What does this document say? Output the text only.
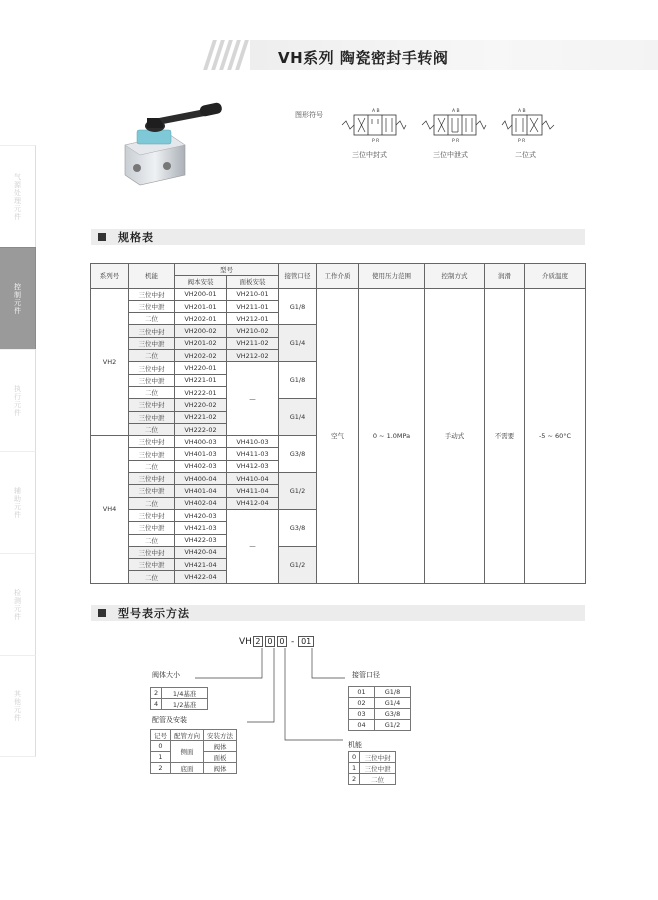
气源处理元件
控制元件
执行元件
辅助元件
检测元件
其他元件
VH系列 陶瓷密封手转阀
图形符号	A B
P R
A B
P R
A B
P R
三位中封式	三位中泄式	二位式
规格表
系列号	机能	型号		接管口径	工作介质	使用压力范围	控制方式	润滑	介质温度
		阀本安装	面板安装						
VH2	三位中封	VH200-01	VH210-01	G1/8	空气	0 ~ 1.0MPa	手动式	不需要	-5 ~ 60°C
	三位中泄	VH201-01	VH211-01						
	二位	VH202-01	VH212-01						
	三位中封	VH200-02	VH210-02	G1/4					
	三位中泄	VH201-02	VH211-02						
	二位	VH202-02	VH212-02						
	三位中封	VH220-01	—	G1/8					
	三位中泄	VH221-01							
	二位	VH222-01							
	三位中封	VH220-02		G1/4					
	三位中泄	VH221-02							
	二位	VH222-02							
VH4	三位中封	VH400-03	VH410-03	G3/8					
	三位中泄	VH401-03	VH411-03						
	二位	VH402-03	VH412-03						
	三位中封	VH400-04	VH410-04	G1/2					
	三位中泄	VH401-04	VH411-04						
	二位	VH402-04	VH412-04						
	三位中封	VH420-03	—	G3/8					
	三位中泄	VH421-03							
	二位	VH422-03							
	三位中封	VH420-04		G1/2					
	三位中泄	VH421-04							
	二位	VH422-04							
型号表示方法
VH 2 0 0 - 01
阀体大小
2	1/4基准
4	1/2基准
配管及安装
记号	配管方向	安装方法
0	侧面	阀体
1		面板
2	底面	阀体
接管口径
01	G1/8
02	G1/4
03	G3/8
04	G1/2
机能
0	三位中封
1	三位中泄
2	二位
